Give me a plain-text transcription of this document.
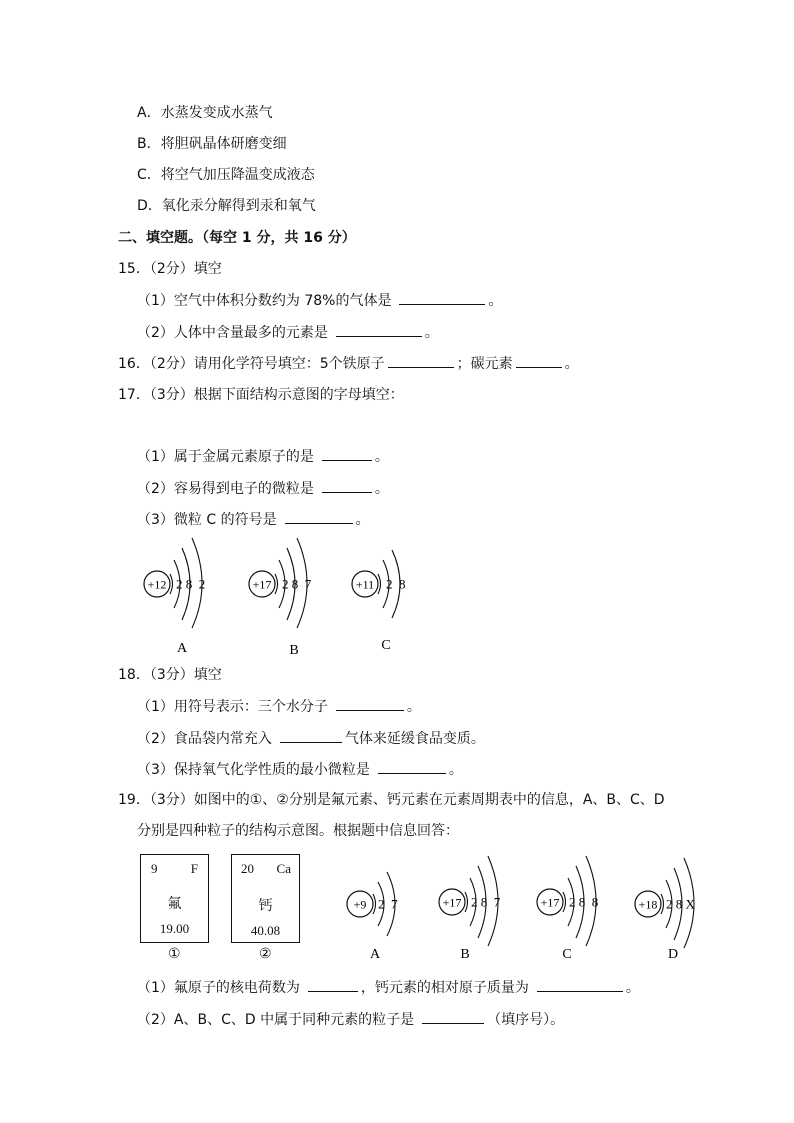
A．水蒸发变成水蒸气
B．将胆矾晶体研磨变细
C．将空气加压降温变成液态
D．氧化汞分解得到汞和氧气
二、填空题。（每空 1 分，共 16 分）
15．（2分）填空
（1）空气中体积分数约为 78%的气体是	。
（2）人体中含量最多的元素是	。
16．（2分）请用化学符号填空：5个铁原子	；碳元素	。
17．（3分）根据下面结构示意图的字母填空：
（1）属于金属元素原子的是	。
（2）容易得到电子的微粒是	。
（3）微粒 C 的符号是	。
+12 2 8  2
A
+17 2 8  7
B
+11 2  8
C
18．（3分）填空
（1）用符号表示：三个水分子	。
（2）食品袋内常充入	气体来延缓食品变质。
（3）保持氧气化学性质的最小微粒是	。
19．（3分）如图中的①、②分别是氟元素、钙元素在元素周期表中的信息，A、B、C、D
分别是四种粒子的结构示意图。根据题中信息回答：
9	F
氟
19.00
①
20 Ca
钙
40.08
②
+9 2  7
A
+17 2 8  7
B
+17 2 8  8
C
+18 2 8 X
D
（1）氟原子的核电荷数为	，钙元素的相对原子质量为	。
（2）A、B、C、D 中属于同种元素的粒子是	（填序号）。
